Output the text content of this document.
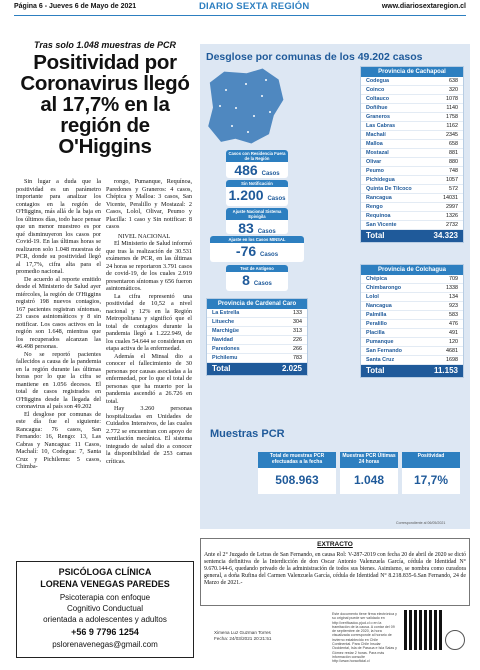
Página 6 - Jueves 6 de Mayo de 2021	DIARIO SEXTA REGIÓN	www.diariosextaregion.cl
Tras solo 1.048 muestras de PCR
Positividad por Coronavirus llegó al 17,7% en la región de O'Higgins

Sin lugar a duda que la positividad es un parámetro importante para analizar los contagios en la región de O'Higgins, más allá de la baja en los últimos días, todo hace pensar que un menor muestreo es por qué disminuyeron los casos por Covid-19. En las últimas horas se realizaron solo 1.048 muestras de PCR, donde su positividad llegó al 17,7%, cifra alta para el promedio nacional.

De acuerdo al reporte emitido desde el Ministerio de Salud ayer miércoles, la región de O'Higgins registró 198 nuevos contagios, 167 pacientes registran síntomas, 23 casos asintomáticos y 8 sin notificar. Los casos activos en la región son 1.648, mientras que los recuperados alcanzan las 46.498 personas.

No se reportó pacientes fallecidos a causa de la pandemia en la región durante las últimas horas por lo que la cifra se mantiene en 1.056 decesos. El total de casos registrados en O'Higgins desde la llegada del coronavirus al país son 49.202

El desglose por comunas de este día fue el siguiente: Rancagua: 76 casos, San Fernando: 16, Rengo: 13, Las Cabras y Nancagua: 11 Casos, Machalí: 10, Codegua: 7, Santa Cruz y Pichilemu: 5 casos, Chimba-

rongo, Pumanque, Requínoa, Paredones y Graneros: 4 casos, Chépica y Malloa: 3 casos, San Vicente, Peralillo y Mostazal: 2 Casos, Lolol, Olivar, Peumo y Placilla: 1 caso y Sin notificar: 8 casos

NIVEL NACIONAL

El Ministerio de Salud informó que tras la realización de 30.531 exámenes de PCR, en las últimas 24 horas se reportaron 3.791 casos de covid-19, de los cuales 2.919 presentaron síntomas y 656 fueron asintomáticos.

La cifra representó una positividad de 10,52 a nivel nacional y 12% en la Región Metropolitana y significó que el total de contagios durante la pandemia llegó a 1.222.949, de los cuales 54.644 se consideran en etapa activa de la enfermedad.

Además el Minsal dio a conocer el fallecimiento de 30 personas por causas asociadas a la enfermedad, por lo que el total de personas que ha muerto por la pandemia ascendió a 26.726 en total.

Hay 3.260 personas hospitalizadas en Unidades de Cuidados Intensivos, de las cuales 2.772 se encuentran con apoyo de ventilación mecánica. El sistema integrado de salud dio a conocer la disponibilidad de 253 camas críticas.

Desglose por comunas de los 49.202 casos
Casos con Residencia Fuera de la Región
486 Casos
Sin Notificación
1.200 Casos
Ajuste Nacional Sistema Epivigila
83 Casos
Ajuste en los Casos MINSAL
-76 Casos
Test de Antígeno
8 Casos
Provincia de Cachapoal
Codegua	638
Coinco	320
Coltauco	1078
Doñihue	1140
Graneros	1758
Las Cabras	1162
Machalí	2345
Malloa	658
Mostazal	881
Olivar	880
Peumo	748
Pichidegua	1057
Quinta De Tilcoco	572
Rancagua	14031
Rengo	2997
Requinoa	1326
San Vicente	2732
Total	34.323
Provincia de Cardenal Caro
La Estrella	133
Litueche	304
Marchigüe	313
Navidad	226
Paredones	266
Pichilemu	783
Total	2.025
Provincia de Colchagua
Chépica	709
Chimbarongo	1338
Lolol	134
Nancagua	923
Palmilla	583
Peralillo	476
Placilla	491
Pumanque	120
San Fernando	4681
Santa Cruz	1698
Total	11.153
Muestras PCR
Total de muestras PCR efectuadas a la fecha
508.963
Muestras PCR Últimas 24 horas
1.048
Positividad
17,7%
Correspondiente al 06/05/2021
EXTRACTO
Ante el 2° Juzgado de Letras de San Fernando, en causa Rol: V-287-2019 con fecha 20 de abril de 2020 se dictó sentencia definitiva de la Interdicción de don Oscar Antonio Valenzuela García, cédula de Identidad N° 9.670.144-6, quedando privado de la administración de todos sus bienes. Asimismo, se nombra como curadora general, a doña Rufina del Carmen Valenzuela García, cédula de Identidad N° 8.218.835-6.San Fernando, 24 de Marzo de 2021.-
PSICÓLOGA CLÍNICA
LORENA VENEGAS PAREDES
Psicoterapia con enfoque
Cognitivo Conductual
orientada a adolescentes y adultos
+56 9 7796 1254
pslorenavenegas@gmail.com
Ximena Luz Guzman Torres
Fecha: 24/03/2021 20:21:51
Este documento tiene firma electrónica y su original puede ser validado en http://verificadoc.pjud.cl o en la tramitación de la causa. A contar del 09 de septiembre de 2020, la hora visualizada corresponde al horario de invierno establecido en Chile Continental. Para Chile Insular Occidental, Isla de Pascua e Isla Salas y Gómez restar 2 horas. Para más información consulte http://www.horaoficial.cl
